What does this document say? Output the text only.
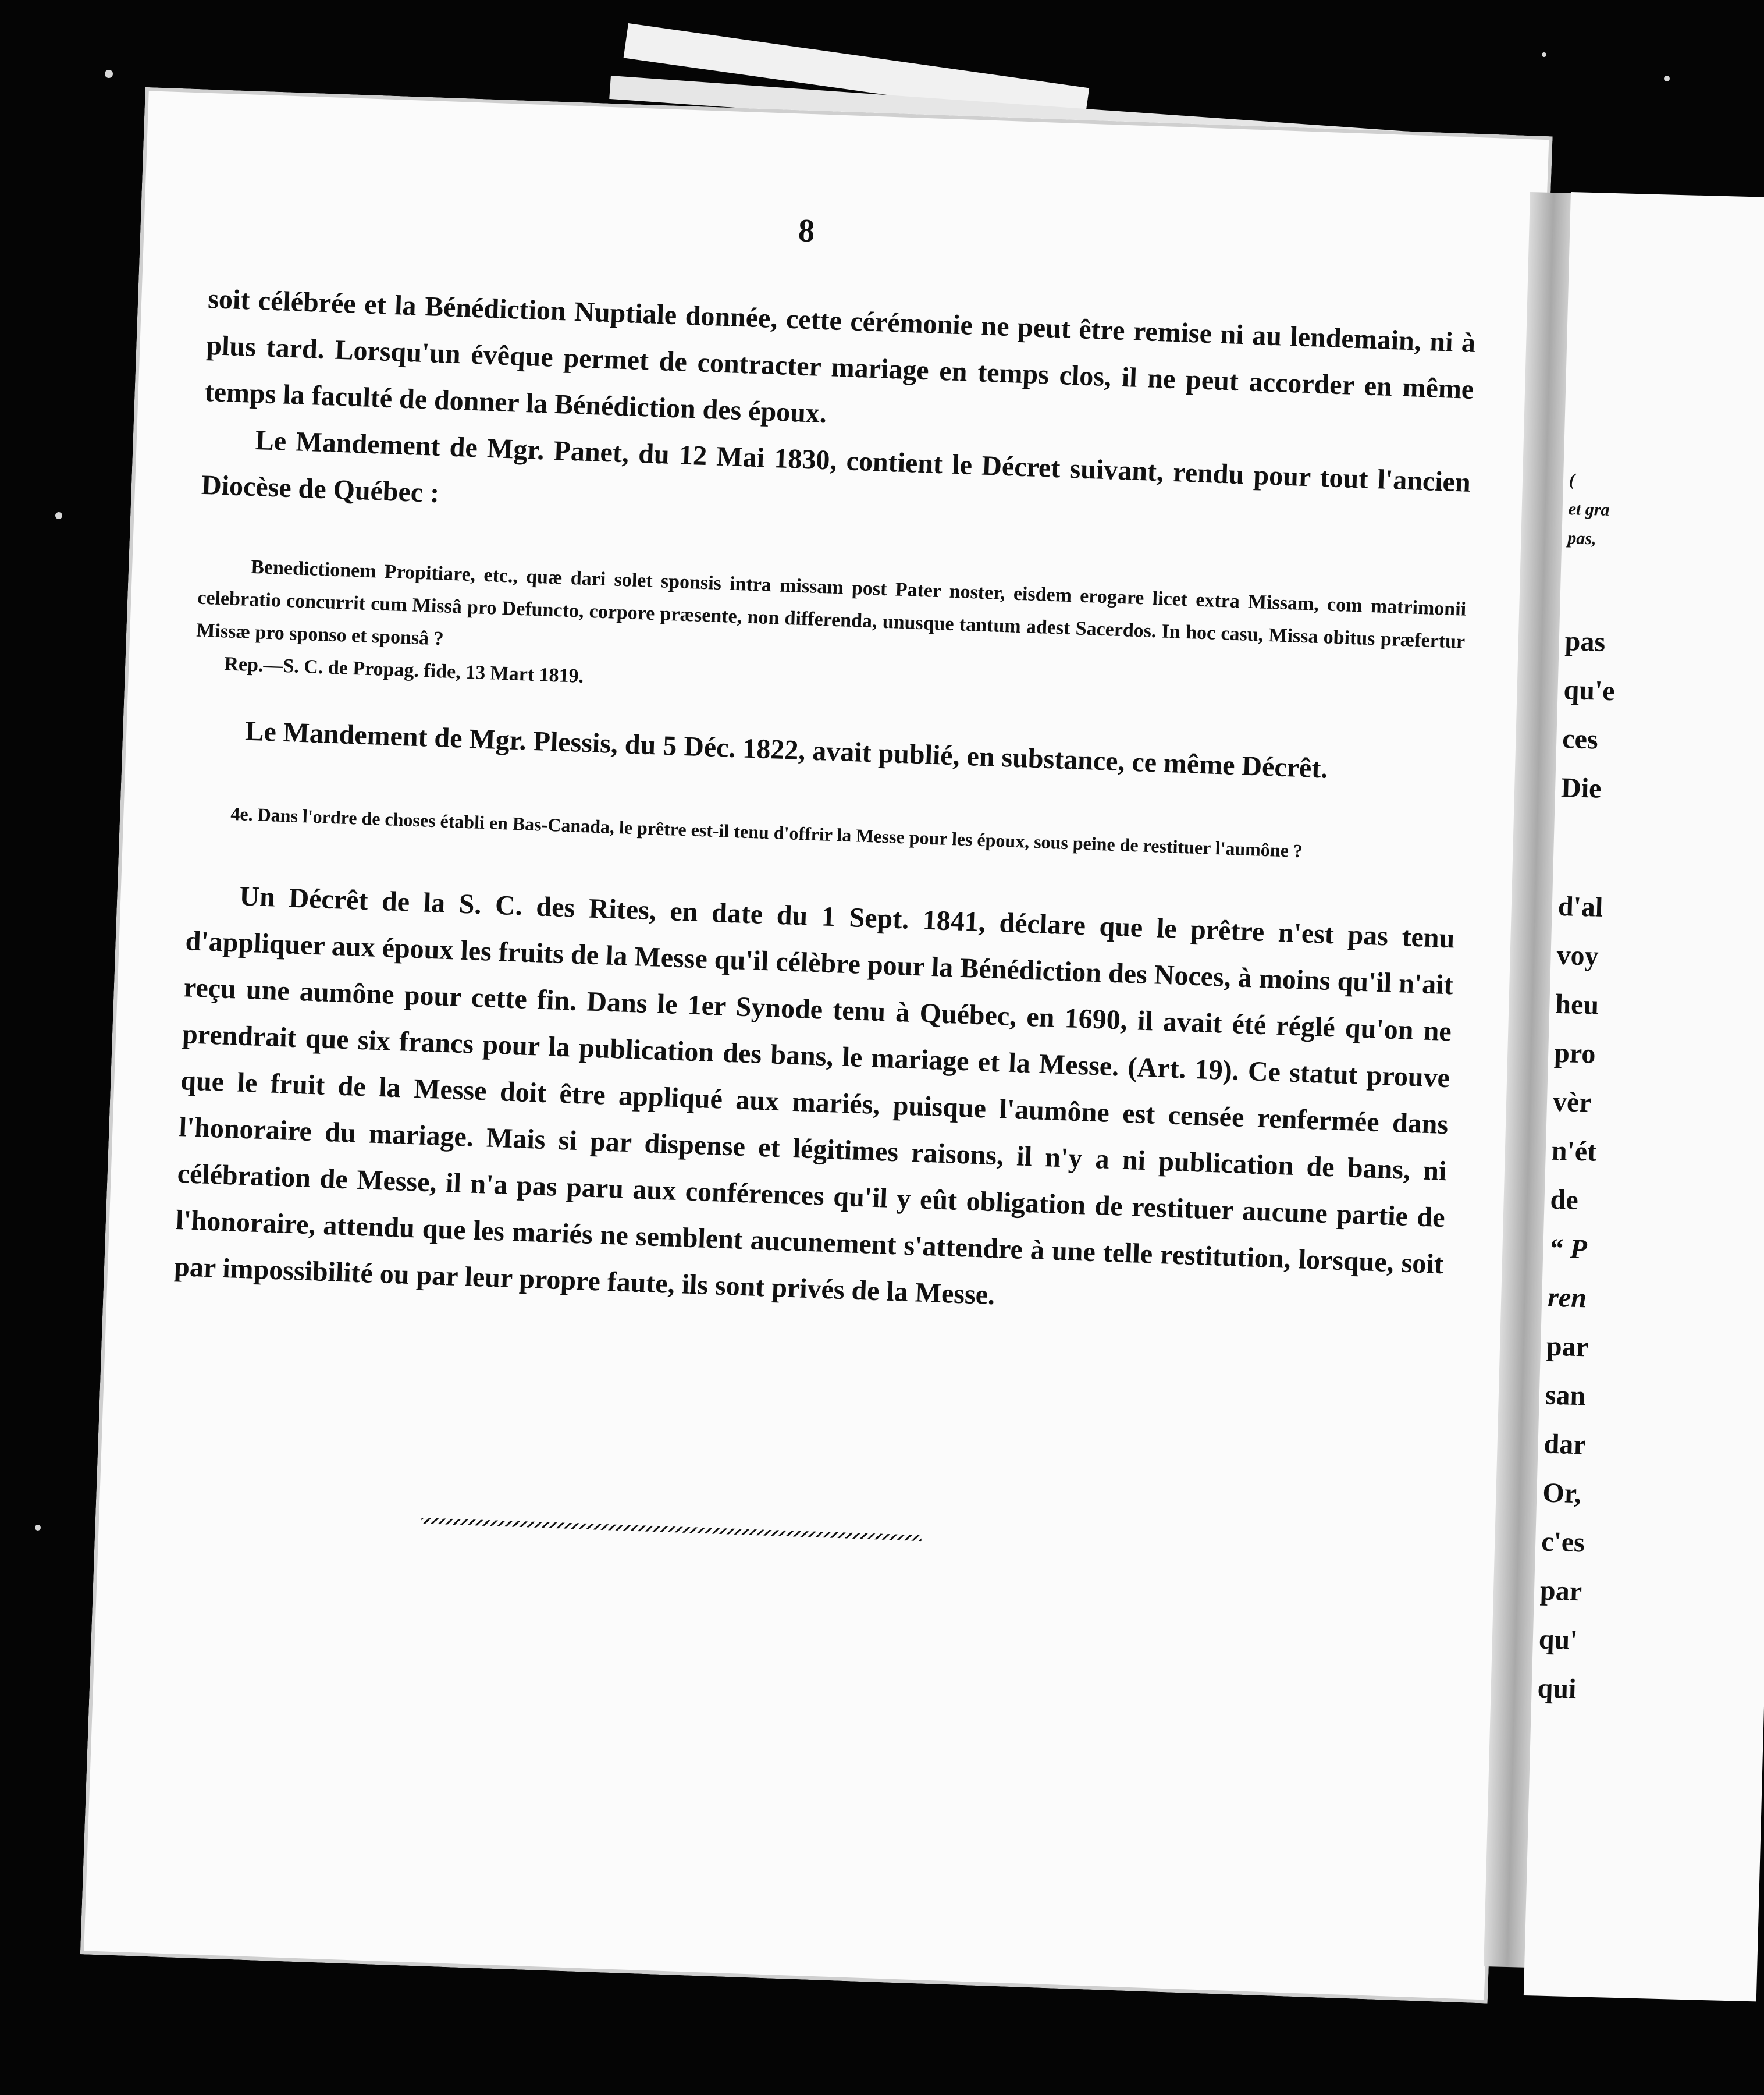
8

soit célébrée et la Bénédiction Nuptiale donnée, cette cérémonie ne peut être remise ni au lendemain, ni à plus tard. Lorsqu'un évêque permet de contracter mariage en temps clos, il ne peut accorder en même temps la faculté de donner la Bénédiction des époux.

Le Mandement de Mgr. Panet, du 12 Mai 1830, contient le Décret suivant, rendu pour tout l'ancien Diocèse de Québec :

Benedictionem Propitiare, etc., quæ dari solet sponsis intra missam post Pater noster, eisdem erogare licet extra Missam, com matrimonii celebratio concurrit cum Missâ pro Defuncto, corpore præsente, non differenda, unusque tantum adest Sacerdos. In hoc casu, Missa obitus præfertur Missæ pro sponso et sponsâ ?

Rep.—S. C. de Propag. fide, 13 Mart 1819.

Le Mandement de Mgr. Plessis, du 5 Déc. 1822, avait publié, en substance, ce même Décrêt.

4e. Dans l'ordre de choses établi en Bas-Canada, le prêtre est-il tenu d'offrir la Messe pour les époux, sous peine de restituer l'aumône ?

Un Décrêt de la S. C. des Rites, en date du 1 Sept. 1841, déclare que le prêtre n'est pas tenu d'appliquer aux époux les fruits de la Messe qu'il célèbre pour la Bénédiction des Noces, à moins qu'il n'ait reçu une aumône pour cette fin. Dans le 1er Synode tenu à Québec, en 1690, il avait été réglé qu'on ne prendrait que six francs pour la publication des bans, le mariage et la Messe. (Art. 19). Ce statut prouve que le fruit de la Messe doit être appliqué aux mariés, puisque l'aumône est censée renfermée dans l'honoraire du mariage. Mais si par dispense et légitimes raisons, il n'y a ni publication de bans, ni célébration de Messe, il n'a pas paru aux conférences qu'il y eût obligation de restituer aucune partie de l'honoraire, attendu que les mariés ne semblent aucunement s'attendre à une telle restitution, lorsque, soit par impossibilité ou par leur propre faute, ils sont privés de la Messe.

(

et gra

pas,

pas

qu'e

ces

Die

d'al

voy

heu

pro

vèr

n'ét

de

“ P

ren

par

san

dar

Or,

c'es

par

qu'

qui
